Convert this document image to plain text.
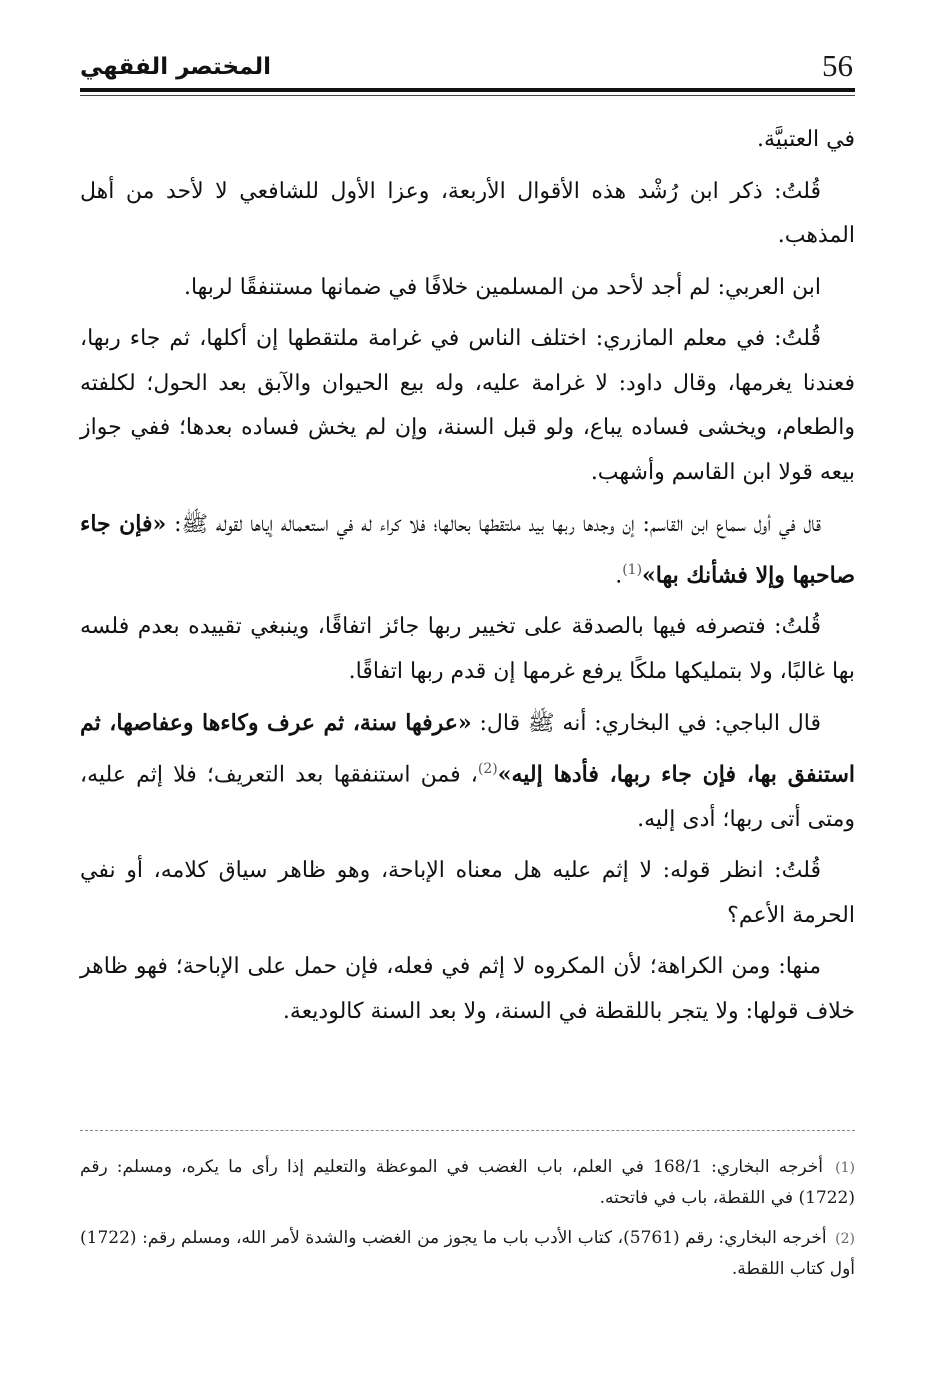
56
المختصر الفقهي

في العتبيَّة.

قُلتُ: ذكر ابن رُشْد هذه الأقوال الأربعة، وعزا الأول للشافعي لا لأحد من أهل المذهب.

ابن العربي: لم أجد لأحد من المسلمين خلافًا في ضمانها مستنفقًا لربها.

قُلتُ: في معلم المازري: اختلف الناس في غرامة ملتقطها إن أكلها، ثم جاء ربها، فعندنا يغرمها، وقال داود: لا غرامة عليه، وله بيع الحيوان والآبق بعد الحول؛ لكلفته والطعام، ويخشى فساده يباع، ولو قبل السنة، وإن لم يخش فساده بعدها؛ ففي جواز بيعه قولا ابن القاسم وأشهب.

قال في أول سماع ابن القاسم: إن وجدها ربها بيد ملتقطها بحالها؛ فلا كراء له في استعماله إياها لقوله ﷺ: «فإن جاء صاحبها وإلا فشأنك بها»$^{(1)}$.

قُلتُ: فتصرفه فيها بالصدقة على تخيير ربها جائز اتفاقًا، وينبغي تقييده بعدم فلسه بها غالبًا، ولا بتمليكها ملكًا يرفع غرمها إن قدم ربها اتفاقًا.

قال الباجي: في البخاري: أنه ﷺ قال: «عرفها سنة، ثم عرف وكاءها وعفاصها، ثم استنفق بها، فإن جاء ربها، فأدها إليه»$^{(2)}$، فمن استنفقها بعد التعريف؛ فلا إثم عليه، ومتى أتى ربها؛ أدى إليه.

قُلتُ: انظر قوله: لا إثم عليه هل معناه الإباحة، وهو ظاهر سياق كلامه، أو نفي الحرمة الأعم؟

منها: ومن الكراهة؛ لأن المكروه لا إثم في فعله، فإن حمل على الإباحة؛ فهو ظاهر خلاف قولها: ولا يتجر باللقطة في السنة، ولا بعد السنة كالوديعة.

(1) أخرجه البخاري: 168/1 في العلم، باب الغضب في الموعظة والتعليم إذا رأى ما يكره، ومسلم: رقم (1722) في اللقطة، باب في فاتحته.

(2) أخرجه البخاري: رقم (5761)، كتاب الأدب باب ما يجوز من الغضب والشدة لأمر الله، ومسلم رقم: (1722) أول كتاب اللقطة.
